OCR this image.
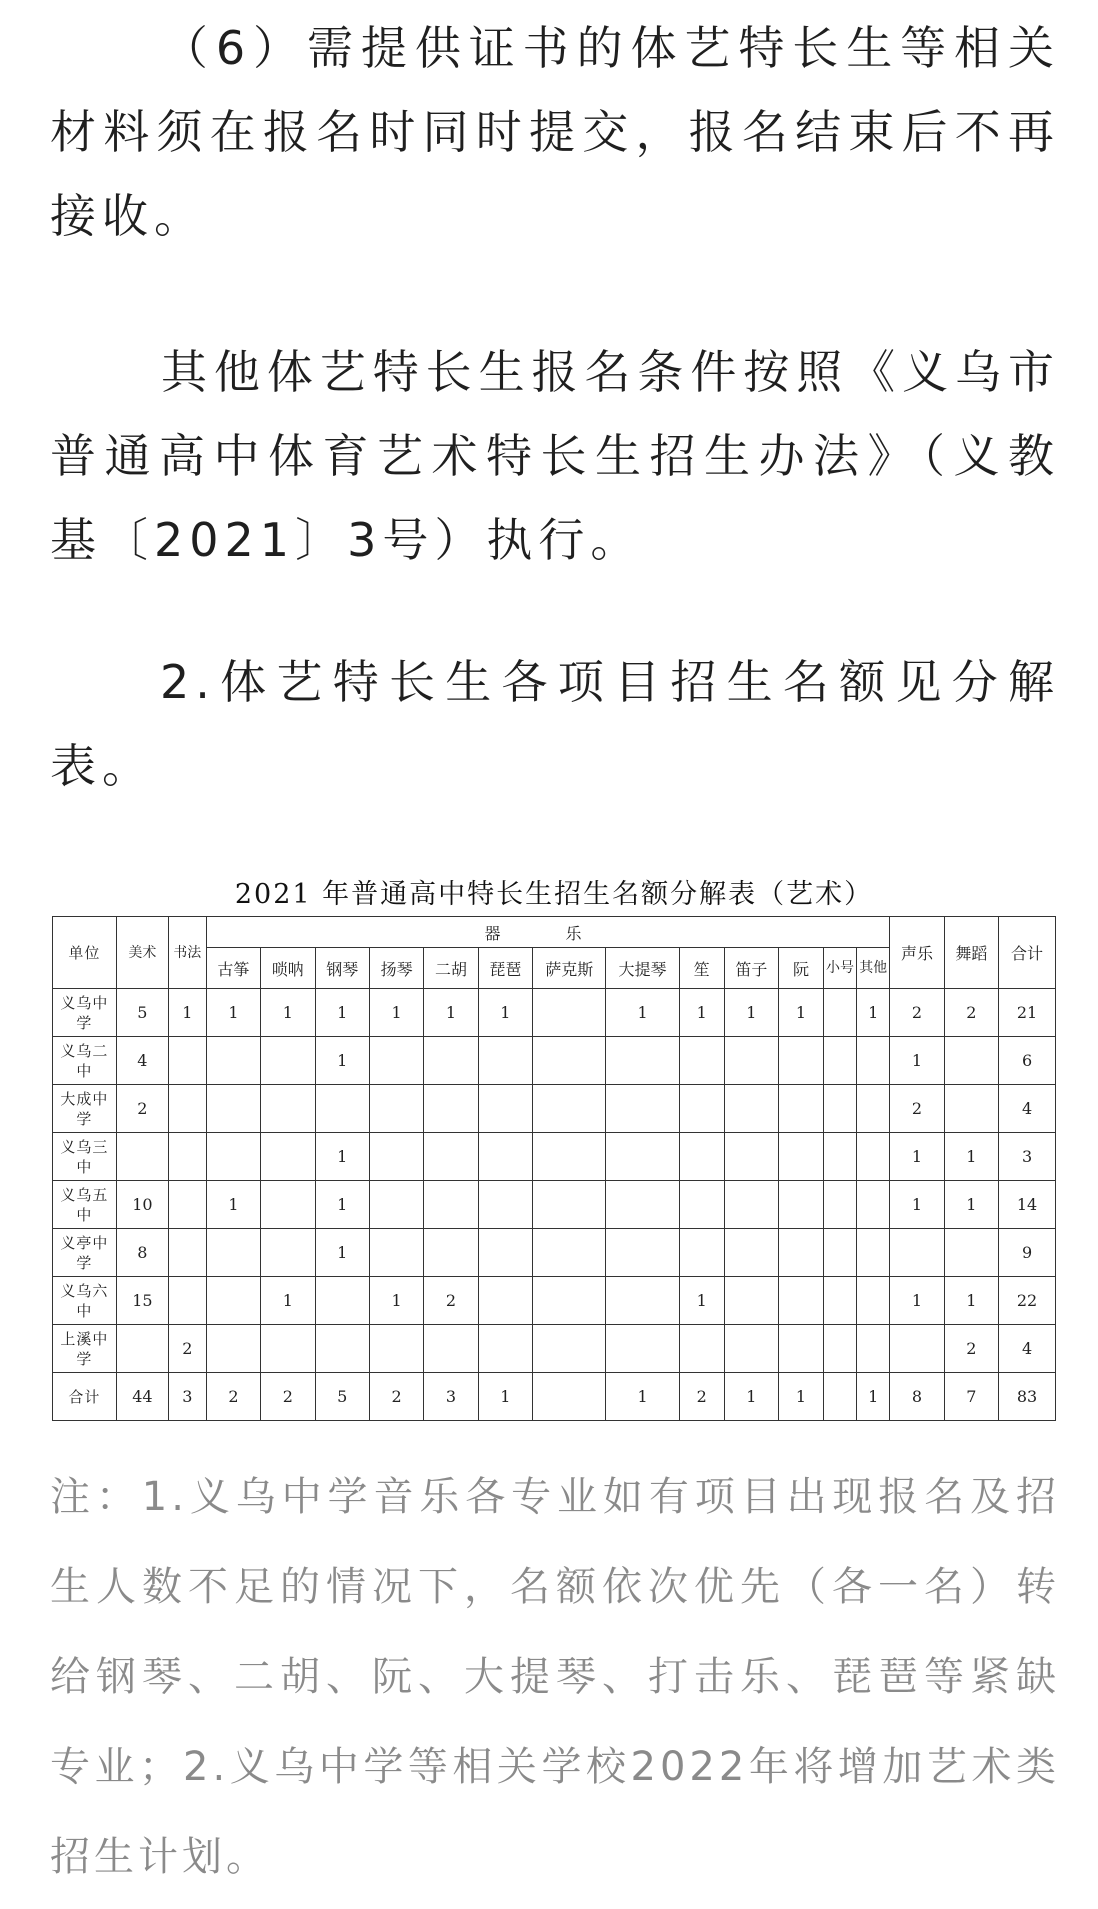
（6）需提供证书的体艺特长生等相关材料须在报名时同时提交，报名结束后不再接收。

其他体艺特长生报名条件按照《义乌市普通高中体育艺术特长生招生办法》（义教基〔2021〕3号）执行。

2.体艺特长生各项目招生名额见分解表。

2021 年普通高中特长生招生名额分解表（艺术）
单位	美术	书法	器 乐													声乐	舞蹈	合计
			古筝	唢呐	钢琴	扬琴	二胡	琵琶	萨克斯	大提琴	笙	笛子	阮	小号	其他			
义乌中学	5	1	1	1	1	1	1	1		1	1	1	1		1	2	2	21
义乌二中	4				1											1		6
大成中学	2															2		4
义乌三中					1											1	1	3
义乌五中	10		1		1											1	1	14
义亭中学	8				1													9
义乌六中	15			1		1	2				1					1	1	22
上溪中学		2															2	4
合计	44	3	2	2	5	2	3	1		1	2	1	1		1	8	7	83

注：1.义乌中学音乐各专业如有项目出现报名及招生人数不足的情况下，名额依次优先（各一名）转给钢琴、二胡、阮、大提琴、打击乐、琵琶等紧缺专业；2.义乌中学等相关学校2022年将增加艺术类招生计划。
